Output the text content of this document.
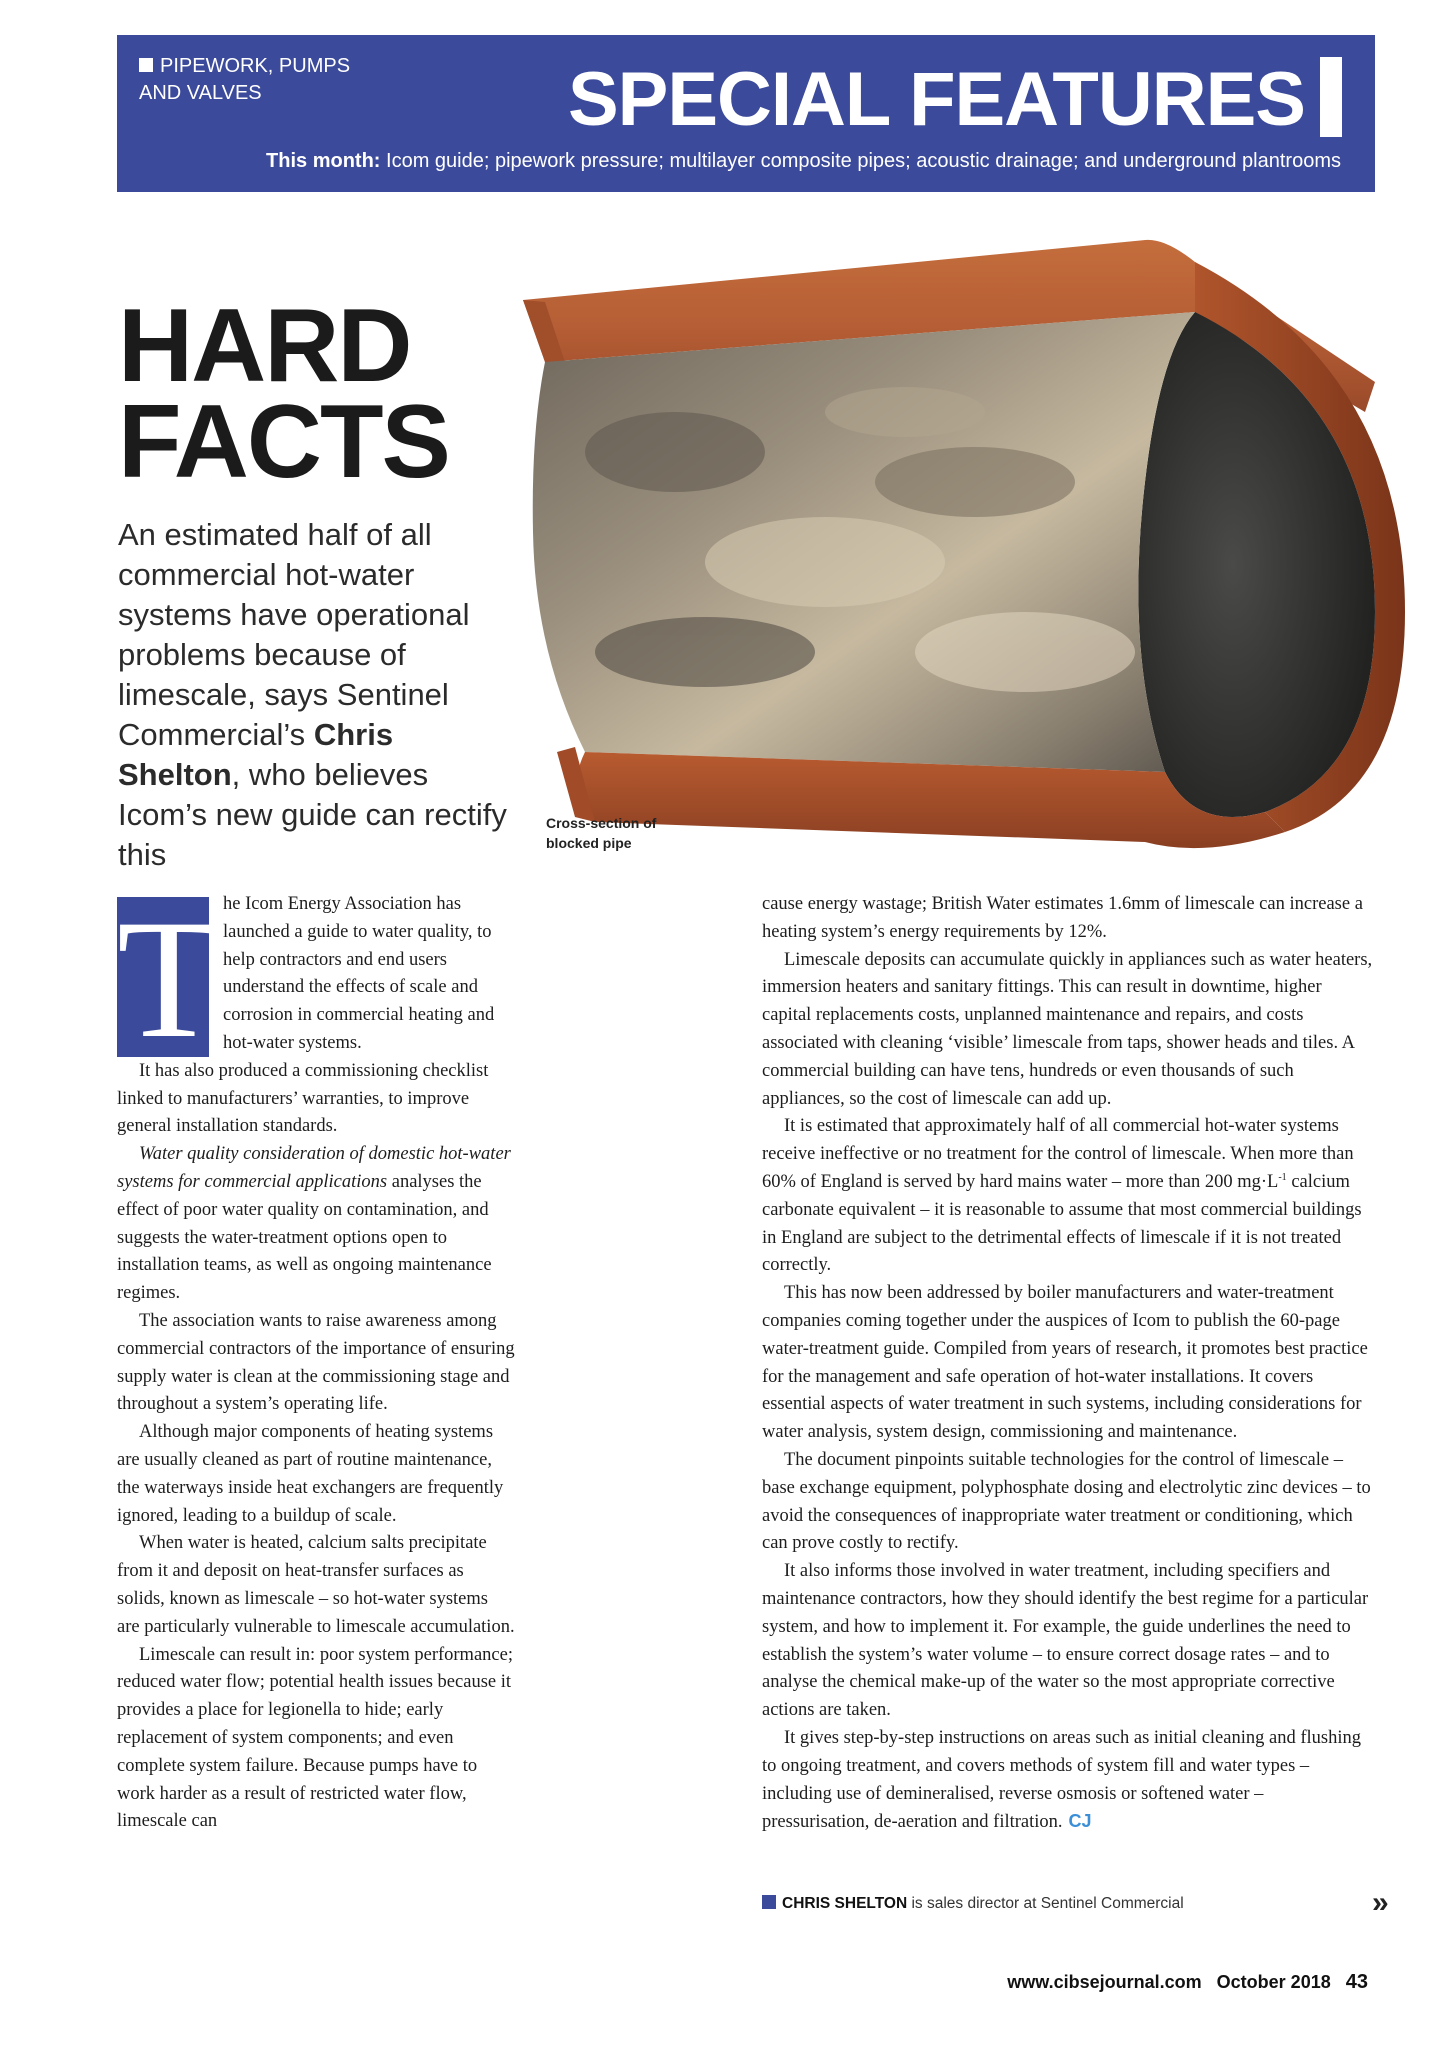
PIPEWORK, PUMPS
AND VALVES	SPECIAL FEATURES
This month: Icom guide; pipework pressure; multilayer composite pipes; acoustic drainage; and underground plantrooms
HARD
FACTS
An estimated half of all commercial hot-water systems have operational problems because of limescale, says Sentinel Commercial’s Chris Shelton, who believes Icom’s new guide can rectify this
Cross-section of
blocked pipe
T he Icom Energy Association has launched a guide to water quality, to help contractors and end users understand the effects of scale and corrosion in commercial heating and hot-water systems.

It has also produced a commissioning checklist linked to manufacturers’ warranties, to improve general installation standards.

Water quality consideration of domestic hot-water systems for commercial applications analyses the effect of poor water quality on contamination, and suggests the water-treatment options open to installation teams, as well as ongoing maintenance regimes.

The association wants to raise awareness among commercial contractors of the importance of ensuring supply water is clean at the commissioning stage and throughout a system’s operating life.

Although major components of heating systems are usually cleaned as part of routine maintenance, the waterways inside heat exchangers are frequently ignored, leading to a buildup of scale.

When water is heated, calcium salts precipitate from it and deposit on heat-transfer surfaces as solids, known as limescale – so hot-water systems are particularly vulnerable to limescale accumulation.

Limescale can result in: poor system performance; reduced water flow; potential health issues because it provides a place for legionella to hide; early replacement of system components; and even complete system failure. Because pumps have to work harder as a result of restricted water flow, limescale can

cause energy wastage; British Water estimates 1.6mm of limescale can increase a heating system’s energy requirements by 12%.

Limescale deposits can accumulate quickly in appliances such as water heaters, immersion heaters and sanitary fittings. This can result in downtime, higher capital replacements costs, unplanned maintenance and repairs, and costs associated with cleaning ‘visible’ limescale from taps, shower heads and tiles. A commercial building can have tens, hundreds or even thousands of such appliances, so the cost of limescale can add up.

It is estimated that approximately half of all commercial hot-water systems receive ineffective or no treatment for the control of limescale. When more than 60% of England is served by hard mains water – more than 200 $mg\cdot L^{-1}$ calcium carbonate equivalent – it is reasonable to assume that most commercial buildings in England are subject to the detrimental effects of limescale if it is not treated correctly.

This has now been addressed by boiler manufacturers and water-treatment companies coming together under the auspices of Icom to publish the 60-page water-treatment guide. Compiled from years of research, it promotes best practice for the management and safe operation of hot-water installations. It covers essential aspects of water treatment in such systems, including considerations for water analysis, system design, commissioning and maintenance.

The document pinpoints suitable technologies for the control of limescale – base exchange equipment, polyphosphate dosing and electrolytic zinc devices – to avoid the consequences of inappropriate water treatment or conditioning, which can prove costly to rectify.

It also informs those involved in water treatment, including specifiers and maintenance contractors, how they should identify the best regime for a particular system, and how to implement it. For example, the guide underlines the need to establish the system’s water volume – to ensure correct dosage rates – and to analyse the chemical make-up of the water so the most appropriate corrective actions are taken.

It gives step-by-step instructions on areas such as initial cleaning and flushing to ongoing treatment, and covers methods of system fill and water types – including use of demineralised, reverse osmosis or softened water – pressurisation, de-aeration and filtration. CJ

CHRIS SHELTON is sales director at Sentinel Commercial	»
www.cibsejournal.com October 2018 43
